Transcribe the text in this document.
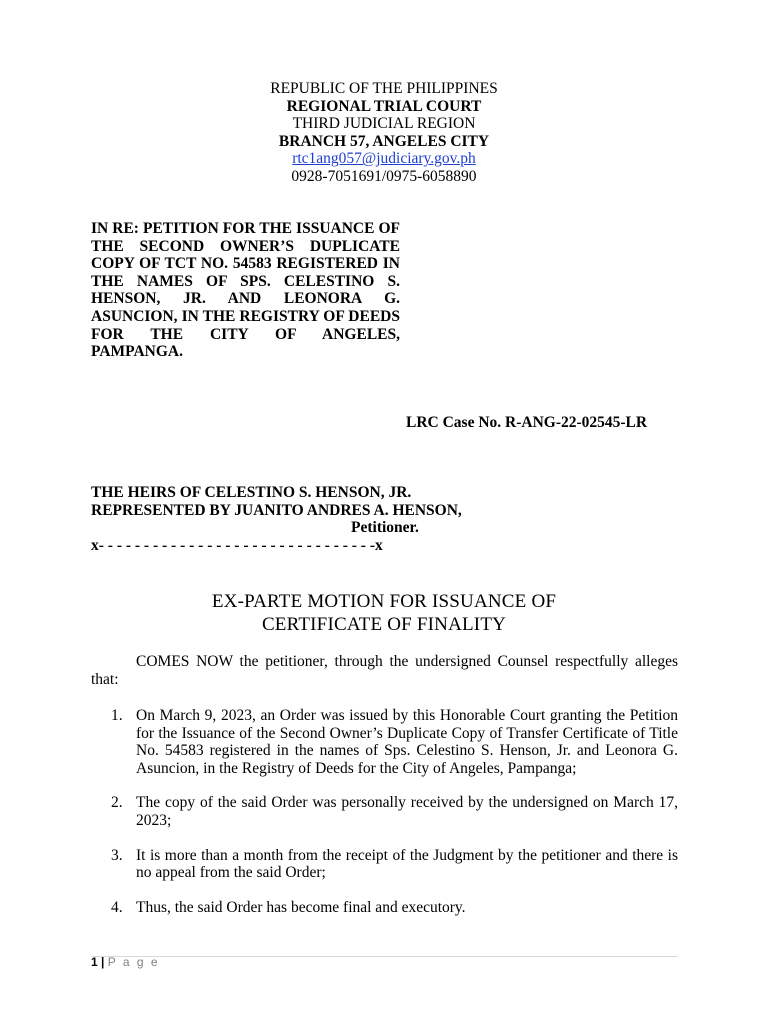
REPUBLIC OF THE PHILIPPINES
REGIONAL TRIAL COURT
THIRD JUDICIAL REGION
BRANCH 57, ANGELES CITY
rtc1ang057@judiciary.gov.ph
0928-7051691/0975-6058890
IN RE: PETITION FOR THE ISSUANCE OF THE SECOND OWNER’S DUPLICATE COPY OF TCT NO. 54583 REGISTERED IN THE NAMES OF SPS. CELESTINO S. HENSON, JR. AND LEONORA G. ASUNCION, IN THE REGISTRY OF DEEDS FOR THE CITY OF ANGELES, PAMPANGA.
LRC Case No. R-ANG-22-02545-LR
THE HEIRS OF CELESTINO S. HENSON, JR.
REPRESENTED BY JUANITO ANDRES A. HENSON,
Petitioner.
x- - - - - - - - - - - - - - - - - - - - - - - - - - - - - - -x
EX-PARTE MOTION FOR ISSUANCE OF
CERTIFICATE OF FINALITY
COMES NOW the petitioner, through the undersigned Counsel respectfully alleges that:
1. On March 9, 2023, an Order was issued by this Honorable Court granting the Petition for the Issuance of the Second Owner’s Duplicate Copy of Transfer Certificate of Title No. 54583 registered in the names of Sps. Celestino S. Henson, Jr. and Leonora G. Asuncion, in the Registry of Deeds for the City of Angeles, Pampanga;
2. The copy of the said Order was personally received by the undersigned on March 17, 2023;
3. It is more than a month from the receipt of the Judgment by the petitioner and there is no appeal from the said Order;
4. Thus, the said Order has become final and executory.
1 | P a g e
